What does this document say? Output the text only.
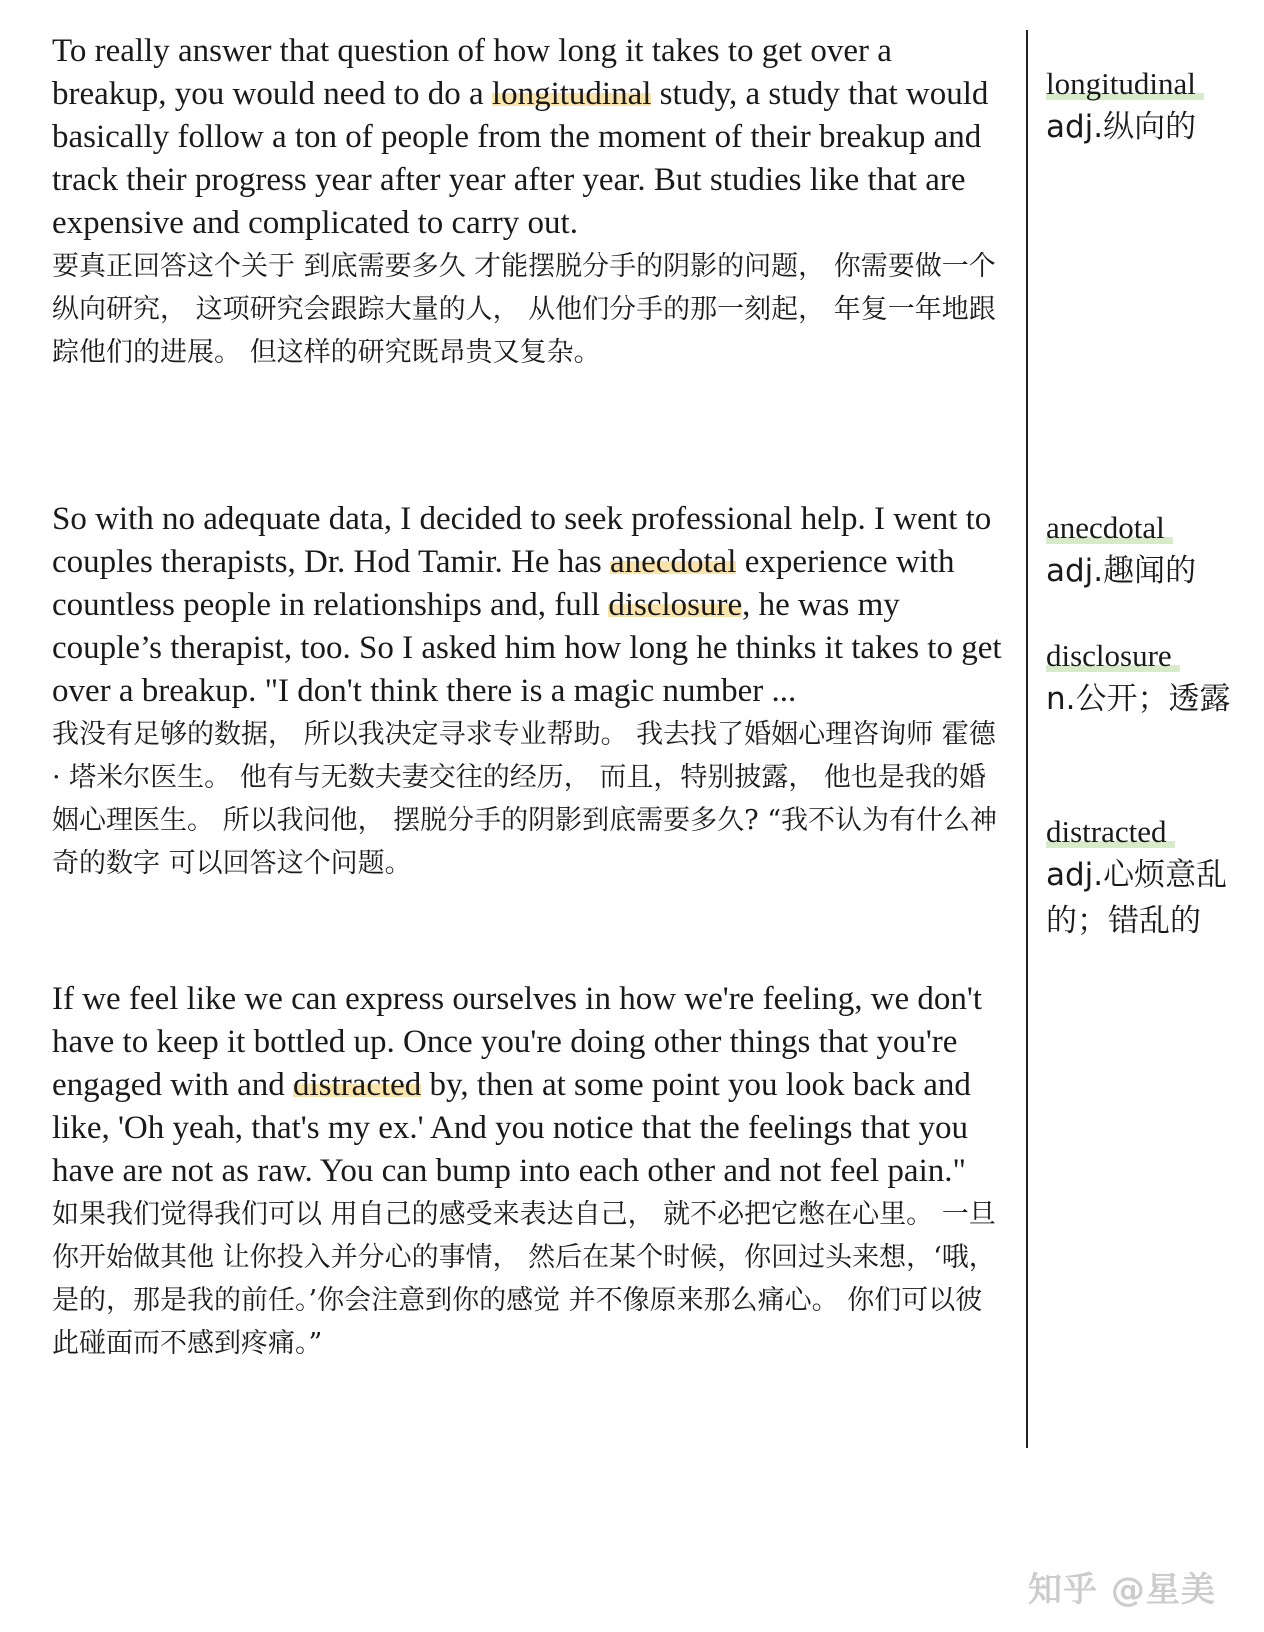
To really answer that question of how long it takes to get over a breakup, you would need to do a longitudinal study, a study that would basically follow a ton of people from the moment of their breakup and track their progress year after year after year. But studies like that are expensive and complicated to carry out.

要真正回答这个关于 到底需要多久 才能摆脱分手的阴影的问题， 你需要做一个纵向研究， 这项研究会跟踪大量的人， 从他们分手的那一刻起， 年复一年地跟踪他们的进展。 但这样的研究既昂贵又复杂。

So with no adequate data, I decided to seek professional help. I went to couples therapists, Dr. Hod Tamir. He has anecdotal experience with countless people in relationships and, full disclosure, he was my couple’s therapist, too. So I asked him how long he thinks it takes to get over a breakup. "I don't think there is a magic number ...

我没有足够的数据， 所以我决定寻求专业帮助。 我去找了婚姻心理咨询师 霍德 · 塔米尔医生。 他有与无数夫妻交往的经历， 而且，特别披露， 他也是我的婚姻心理医生。 所以我问他， 摆脱分手的阴影到底需要多久? “我不认为有什么神奇的数字 可以回答这个问题。

If we feel like we can express ourselves in how we're feeling, we don't have to keep it bottled up. Once you're doing other things that you're engaged with and distracted by, then at some point you look back and like, 'Oh yeah, that's my ex.' And you notice that the feelings that you have are not as raw. You can bump into each other and not feel pain."

如果我们觉得我们可以 用自己的感受来表达自己， 就不必把它憋在心里。 一旦你开始做其他 让你投入并分心的事情， 然后在某个时候，你回过头来想，‘哦，是的，那是我的前任。’你会注意到你的感觉 并不像原来那么痛心。 你们可以彼此碰面而不感到疼痛。”

longitudinal

adj.纵向的

anecdotal

adj.趣闻的

disclosure

n.公开；透露

distracted

adj.心烦意乱的；错乱的

知乎 @星美
